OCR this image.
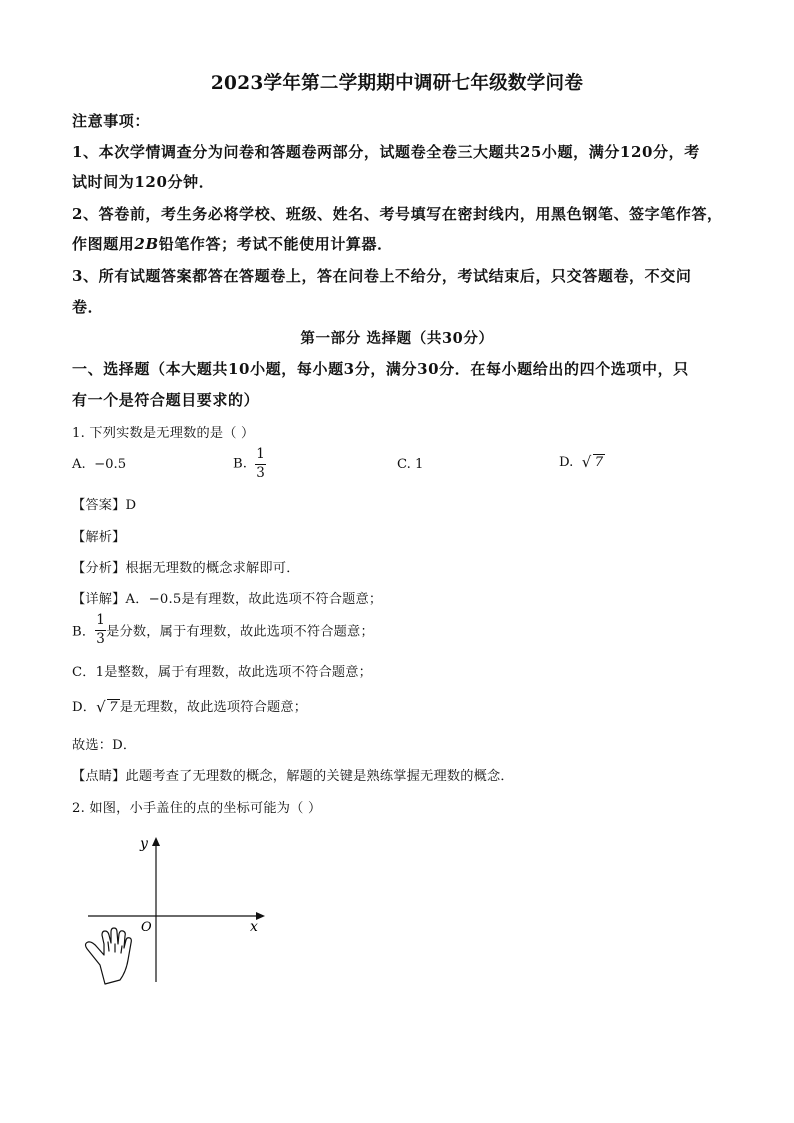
2023学年第二学期期中调研七年级数学问卷
注意事项：
1、本次学情调查分为问卷和答题卷两部分，试题卷全卷三大题共25小题，满分120分，考
试时间为120分钟．
2、答卷前，考生务必将学校、班级、姓名、考号填写在密封线内，用黑色钢笔、签字笔作答，
作图题用2B铅笔作答；考试不能使用计算器．
3、所有试题答案都答在答题卷上，答在问卷上不给分，考试结束后，只交答题卷，不交问
卷．
第一部分 选择题（共30分）
一、选择题（本大题共10小题，每小题3分，满分30分．在每小题给出的四个选项中，只
有一个是符合题目要求的）
1. 下列实数是无理数的是（ ）
A. −0.5	B. $\frac{1}{3}$	C. 1	D. √ 7
【答案】D
【解析】
【分析】根据无理数的概念求解即可．
【详解】A．−0.5是有理数，故此选项不符合题意；
B． $\frac{1}{3}$ 是分数，属于有理数，故此选项不符合题意；
C．1是整数，属于有理数，故此选项不符合题意；
D． √ 7 是无理数，故此选项符合题意；
故选：D．
【点睛】此题考查了无理数的概念，解题的关键是熟练掌握无理数的概念．
2. 如图，小手盖住的点的坐标可能为（ ）
y
x
O
